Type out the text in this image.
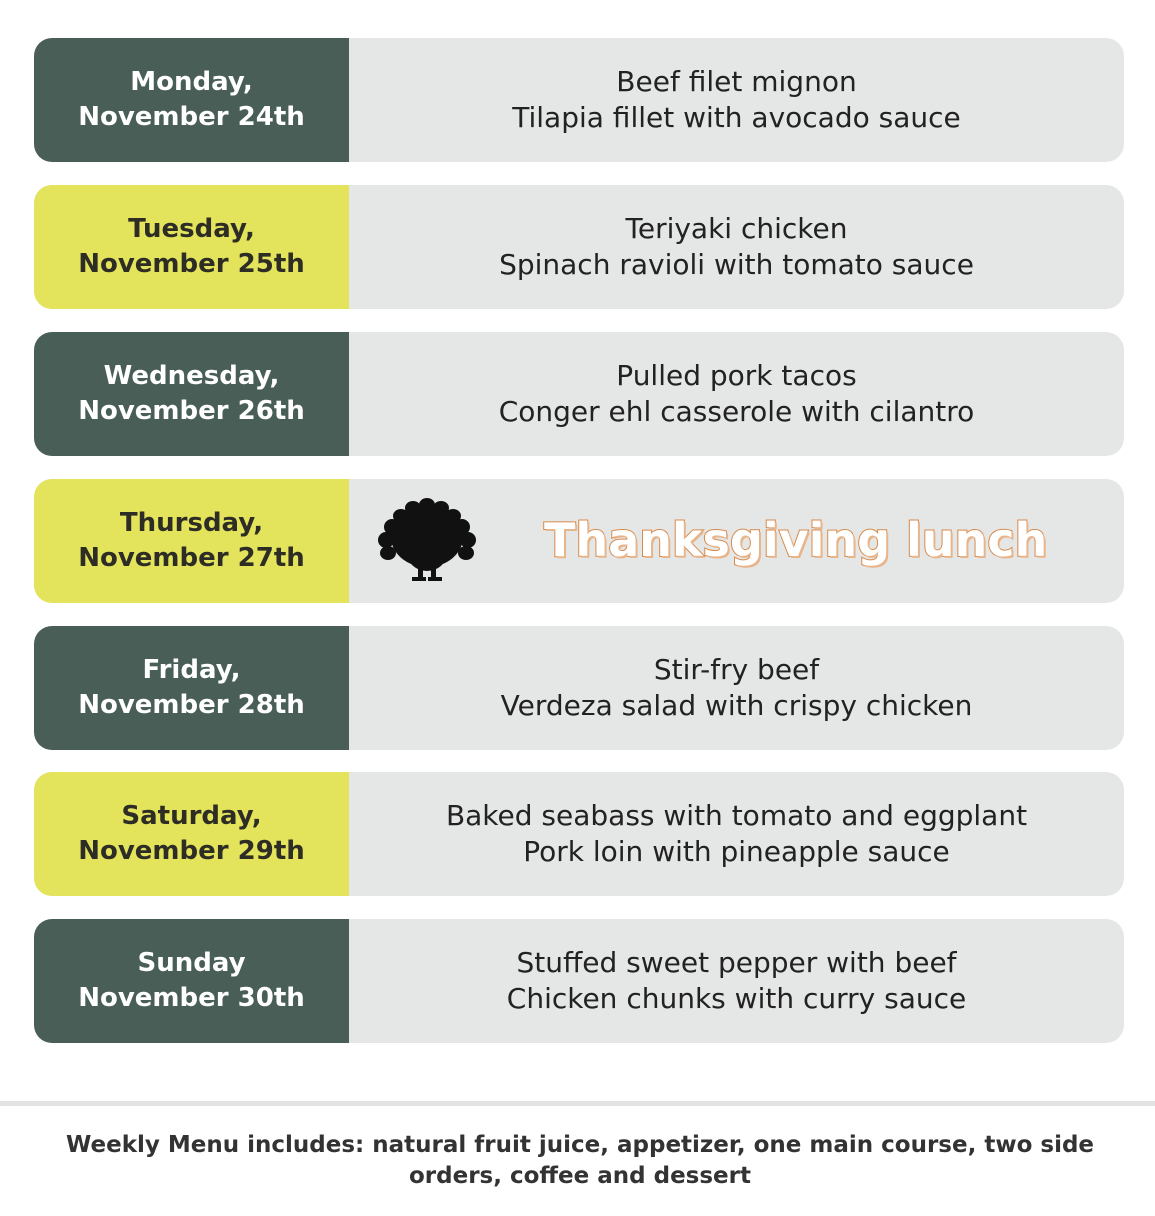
Monday,
November 24th
Beef filet mignon
Tilapia fillet with avocado sauce
Tuesday,
November 25th
Teriyaki chicken
Spinach ravioli with tomato sauce
Wednesday,
November 26th
Pulled pork tacos
Conger ehl casserole with cilantro
Thursday,
November 27th	Thanksgiving lunch
Friday,
November 28th
Stir-fry beef
Verdeza salad with crispy chicken
Saturday,
November 29th
Baked seabass with tomato and eggplant
Pork loin with pineapple sauce
Sunday
November 30th
Stuffed sweet pepper with beef
Chicken chunks with curry sauce
Weekly Menu includes: natural fruit juice, appetizer, one main course, two side orders, coffee and dessert
